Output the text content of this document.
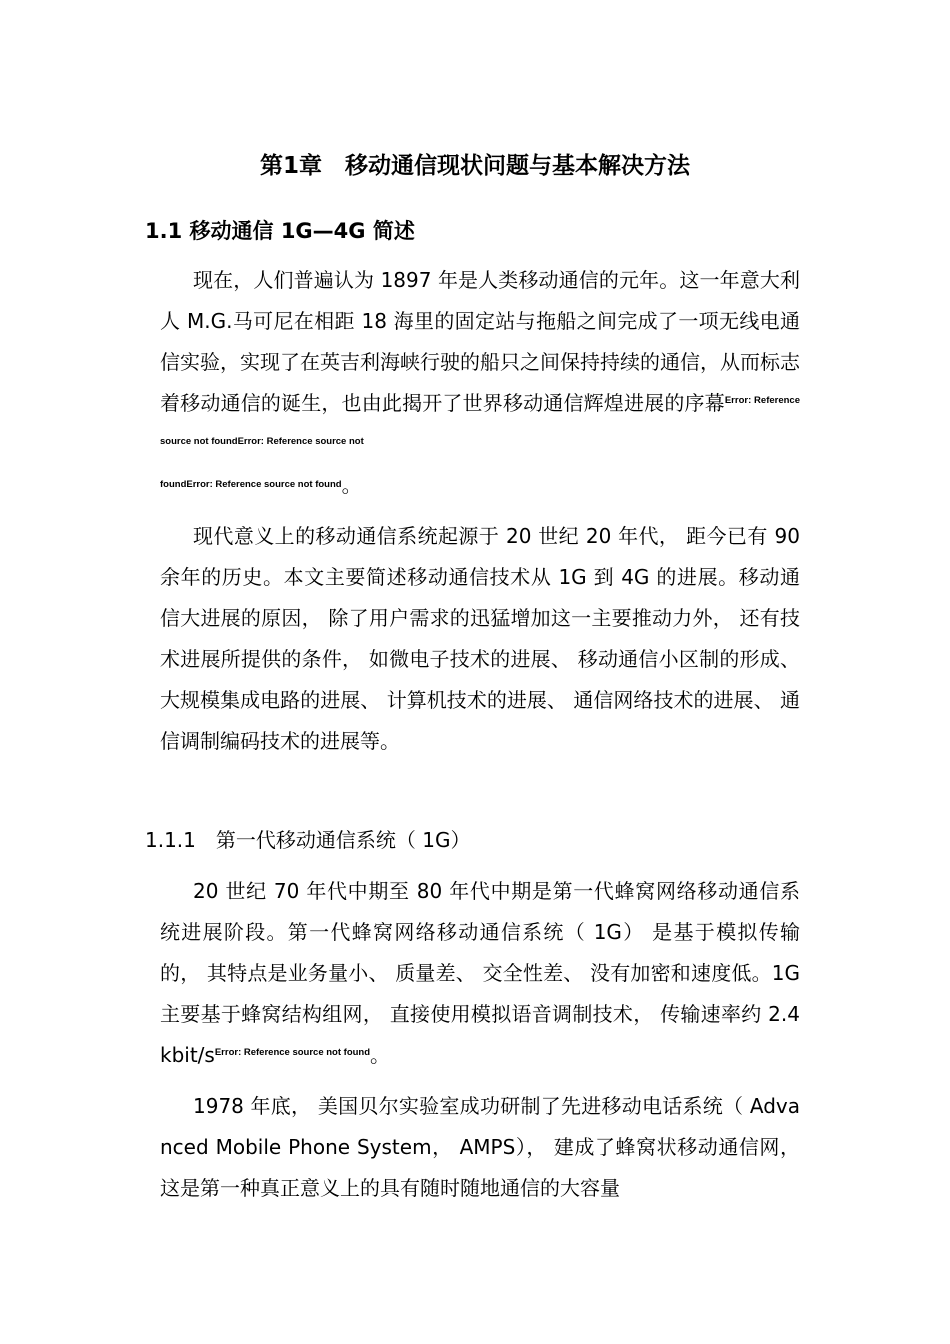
第1章　移动通信现状问题与基本解决方法
1.1 移动通信 1G—4G 简述

现在，人们普遍认为 1897 年是人类移动通信的元年。这一年意大利人 M.G.马可尼在相距 18 海里的固定站与拖船之间完成了一项无线电通信实验，实现了在英吉利海峡行驶的船只之间保持持续的通信，从而标志着移动通信的诞生，也由此揭开了世界移动通信辉煌进展的序幕$^{Error: Reference source not foundError: Reference source not}$
$^{foundError: Reference source not found}$。

现代意义上的移动通信系统起源于 20 世纪 20 年代， 距今已有 90 余年的历史。本文主要简述移动通信技术从 1G 到 4G 的进展。移动通信大进展的原因， 除了用户需求的迅猛增加这一主要推动力外， 还有技术进展所提供的条件， 如微电子技术的进展、 移动通信小区制的形成、 大规模集成电路的进展、 计算机技术的进展、 通信网络技术的进展、 通信调制编码技术的进展等。

1.1.1　第一代移动通信系统（ 1G）

20 世纪 70 年代中期至 80 年代中期是第一代蜂窝网络移动通信系统进展阶段。第一代蜂窝网络移动通信系统（ 1G） 是基于模拟传输的， 其特点是业务量小、 质量差、 交全性差、 没有加密和速度低。1G 主要基于蜂窝结构组网， 直接使用模拟语音调制技术， 传输速率约 2.4kbit/s$^{Error: Reference source not found}$。

1978 年底， 美国贝尔实验室成功研制了先进移动电话系统（ Advanced Mobile Phone System， AMPS）， 建成了蜂窝状移动通信网， 这是第一种真正意义上的具有随时随地通信的大容量
